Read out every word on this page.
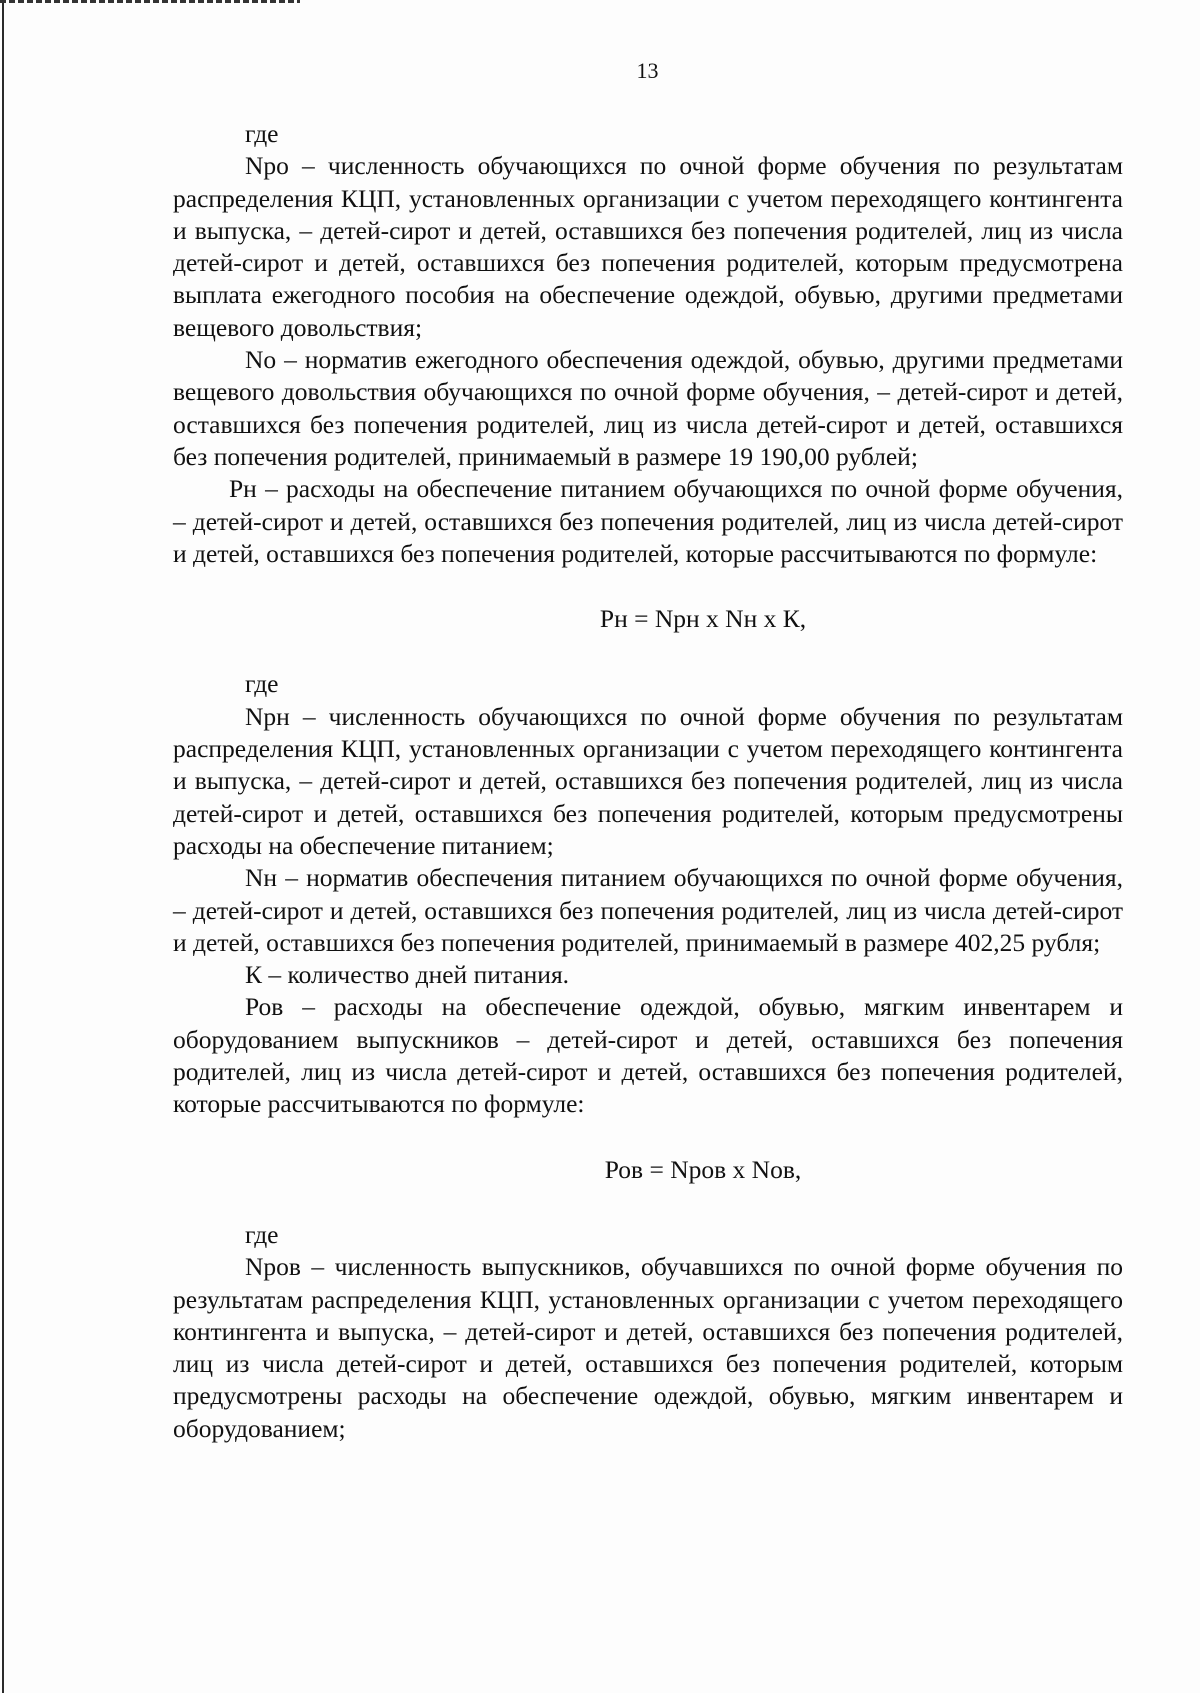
13

где

Nрo – численность обучающихся по очной форме обучения по результатам распределения КЦП, установленных организации с учетом переходящего контингента и выпуска, – детей-сирот и детей, оставшихся без попечения родителей, лиц из числа детей-сирот и детей, оставшихся без попечения родителей, которым предусмотрена выплата ежегодного пособия на обеспечение одеждой, обувью, другими предметами вещевого довольствия;

No – норматив ежегодного обеспечения одеждой, обувью, другими предметами вещевого довольствия обучающихся по очной форме обучения, – детей-сирот и детей, оставшихся без попечения родителей, лиц из числа детей-сирот и детей, оставшихся без попечения родителей, принимаемый в размере 19 190,00 рублей;

Рн – расходы на обеспечение питанием обучающихся по очной форме обучения, – детей-сирот и детей, оставшихся без попечения родителей, лиц из числа детей-сирот и детей, оставшихся без попечения родителей, которые рассчитываются по формуле:

Рн = Nрн х Nн х К,

где

Nрн – численность обучающихся по очной форме обучения по результатам распределения КЦП, установленных организации с учетом переходящего контингента и выпуска, – детей-сирот и детей, оставшихся без попечения родителей, лиц из числа детей-сирот и детей, оставшихся без попечения родителей, которым предусмотрены расходы на обеспечение питанием;

Nн – норматив обеспечения питанием обучающихся по очной форме обучения, – детей-сирот и детей, оставшихся без попечения родителей, лиц из числа детей-сирот и детей, оставшихся без попечения родителей, принимаемый в размере 402,25 рубля;

К – количество дней питания.

Ров – расходы на обеспечение одеждой, обувью, мягким инвентарем и оборудованием выпускников – детей-сирот и детей, оставшихся без попечения родителей, лиц из числа детей-сирот и детей, оставшихся без попечения родителей, которые рассчитываются по формуле:

Ров = Nров х Nов,

где

Nров – численность выпускников, обучавшихся по очной форме обучения по результатам распределения КЦП, установленных организации с учетом переходящего контингента и выпуска, – детей-сирот и детей, оставшихся без попечения родителей, лиц из числа детей-сирот и детей, оставшихся без попечения родителей, которым предусмотрены расходы на обеспечение одеждой, обувью, мягким инвентарем и оборудованием;
